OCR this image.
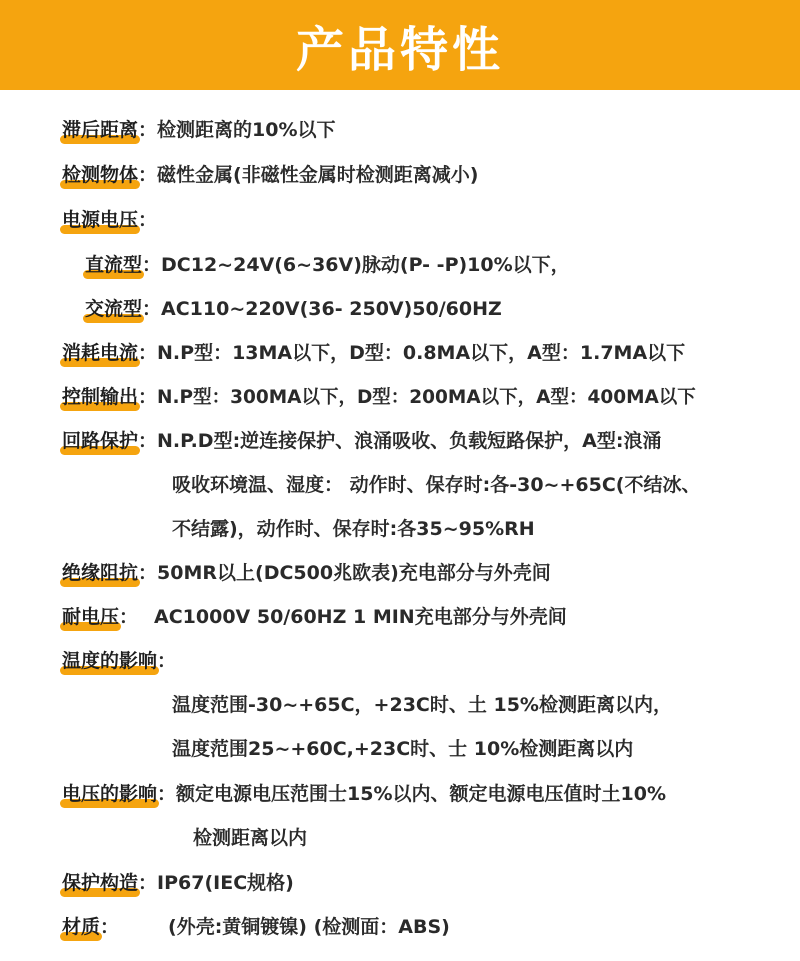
产品特性
滞后距离：检测距离的10%以下
检测物体：磁性金属(非磁性金属时检测距离减小)
电源电压：
直流型：DC12~24V(6~36V)脉动(P- -P)10%以下，
交流型：AC110~220V(36- 250V)50/60HZ
消耗电流：N.P型：13MA以下，D型：0.8MA以下，A型：1.7MA以下
控制输出：N.P型：300MA以下，D型：200MA以下，A型：400MA以下
回路保护：N.P.D型:逆连接保护、浪涌吸收、负载短路保护，A型:浪涌
吸收环境温、湿度： 动作时、保存时:各-30~+65C(不结冰、
不结露)，动作时、保存时:各35~95%RH
绝缘阻抗：50MR以上(DC500兆欧表)充电部分与外壳间
耐电压： AC1000V 50/60HZ 1 MIN充电部分与外壳间
温度的影响：
温度范围-30~+65C，+23C时、土 15%检测距离以内，
温度范围25~+60C,+23C时、士 10%检测距离以内
电压的影响：额定电源电压范围士15%以内、额定电源电压值时土10%
检测距离以内
保护构造：IP67(IEC规格)
材质：	(外壳:黄铜镀镍) (检测面：ABS)
